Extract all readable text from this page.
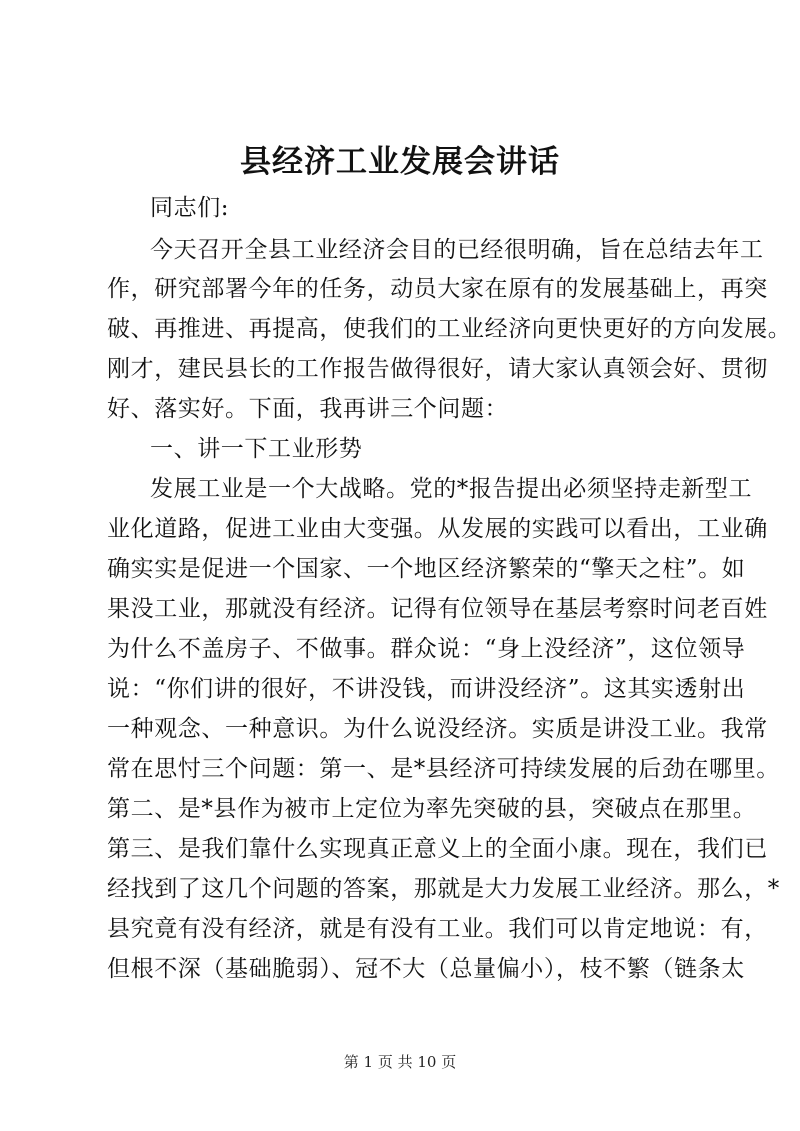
县经济工业发展会讲话
同志们:
今天召开全县工业经济会目的已经很明确，旨在总结去年工
作，研究部署今年的任务，动员大家在原有的发展基础上，再突
破、再推进、再提高，使我们的工业经济向更快更好的方向发展。
刚才，建民县长的工作报告做得很好，请大家认真领会好、贯彻
好、落实好。下面，我再讲三个问题：
一、讲一下工业形势
发展工业是一个大战略。党的*报告提出必须坚持走新型工
业化道路，促进工业由大变强。从发展的实践可以看出，工业确
确实实是促进一个国家、一个地区经济繁荣的“擎天之柱”。如
果没工业，那就没有经济。记得有位领导在基层考察时问老百姓
为什么不盖房子、不做事。群众说：“身上没经济”，这位领导
说：“你们讲的很好，不讲没钱，而讲没经济”。这其实透射出
一种观念、一种意识。为什么说没经济。实质是讲没工业。我常
常在思忖三个问题：第一、是*县经济可持续发展的后劲在哪里。
第二、是*县作为被市上定位为率先突破的县，突破点在那里。
第三、是我们靠什么实现真正意义上的全面小康。现在，我们已
经找到了这几个问题的答案，那就是大力发展工业经济。那么，*
县究竟有没有经济，就是有没有工业。我们可以肯定地说：有，
但根不深（基础脆弱）、冠不大（总量偏小），枝不繁（链条太
第 1 页 共 10 页
